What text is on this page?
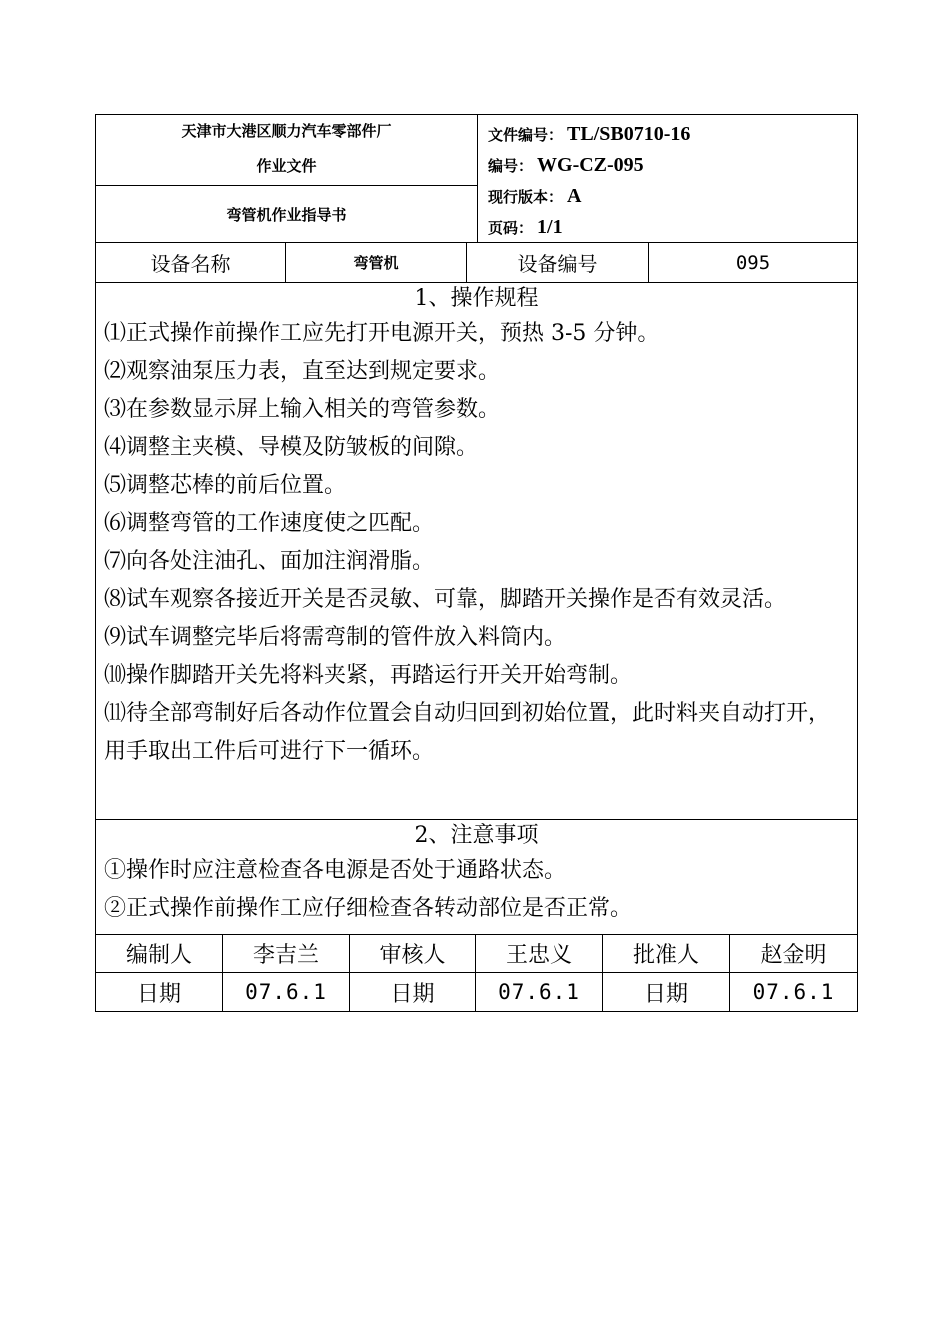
天津市大港区顺力汽车零部件厂
作业文件
弯管机作业指导书
文件编号： TL/SB0710-16
编号： WG-CZ-095
现行版本： A
页码： 1/1
设备名称	弯管机	设备编号	095
1、操作规程
⑴正式操作前操作工应先打开电源开关，预热 3-5 分钟。
⑵观察油泵压力表，直至达到规定要求。
⑶在参数显示屏上输入相关的弯管参数。
⑷调整主夹模、导模及防皱板的间隙。
⑸调整芯棒的前后位置。
⑹调整弯管的工作速度使之匹配。
⑺向各处注油孔、面加注润滑脂。
⑻试车观察各接近开关是否灵敏、可靠，脚踏开关操作是否有效灵活。
⑼试车调整完毕后将需弯制的管件放入料筒内。
⑽操作脚踏开关先将料夹紧，再踏运行开关开始弯制。
⑾待全部弯制好后各动作位置会自动归回到初始位置，此时料夹自动打开，用手取出工件后可进行下一循环。
2、注意事项
①操作时应注意检查各电源是否处于通路状态。
②正式操作前操作工应仔细检查各转动部位是否正常。
编制人	李吉兰	审核人	王忠义	批准人	赵金明
日期	07.6.1	日期	07.6.1	日期	07.6.1
